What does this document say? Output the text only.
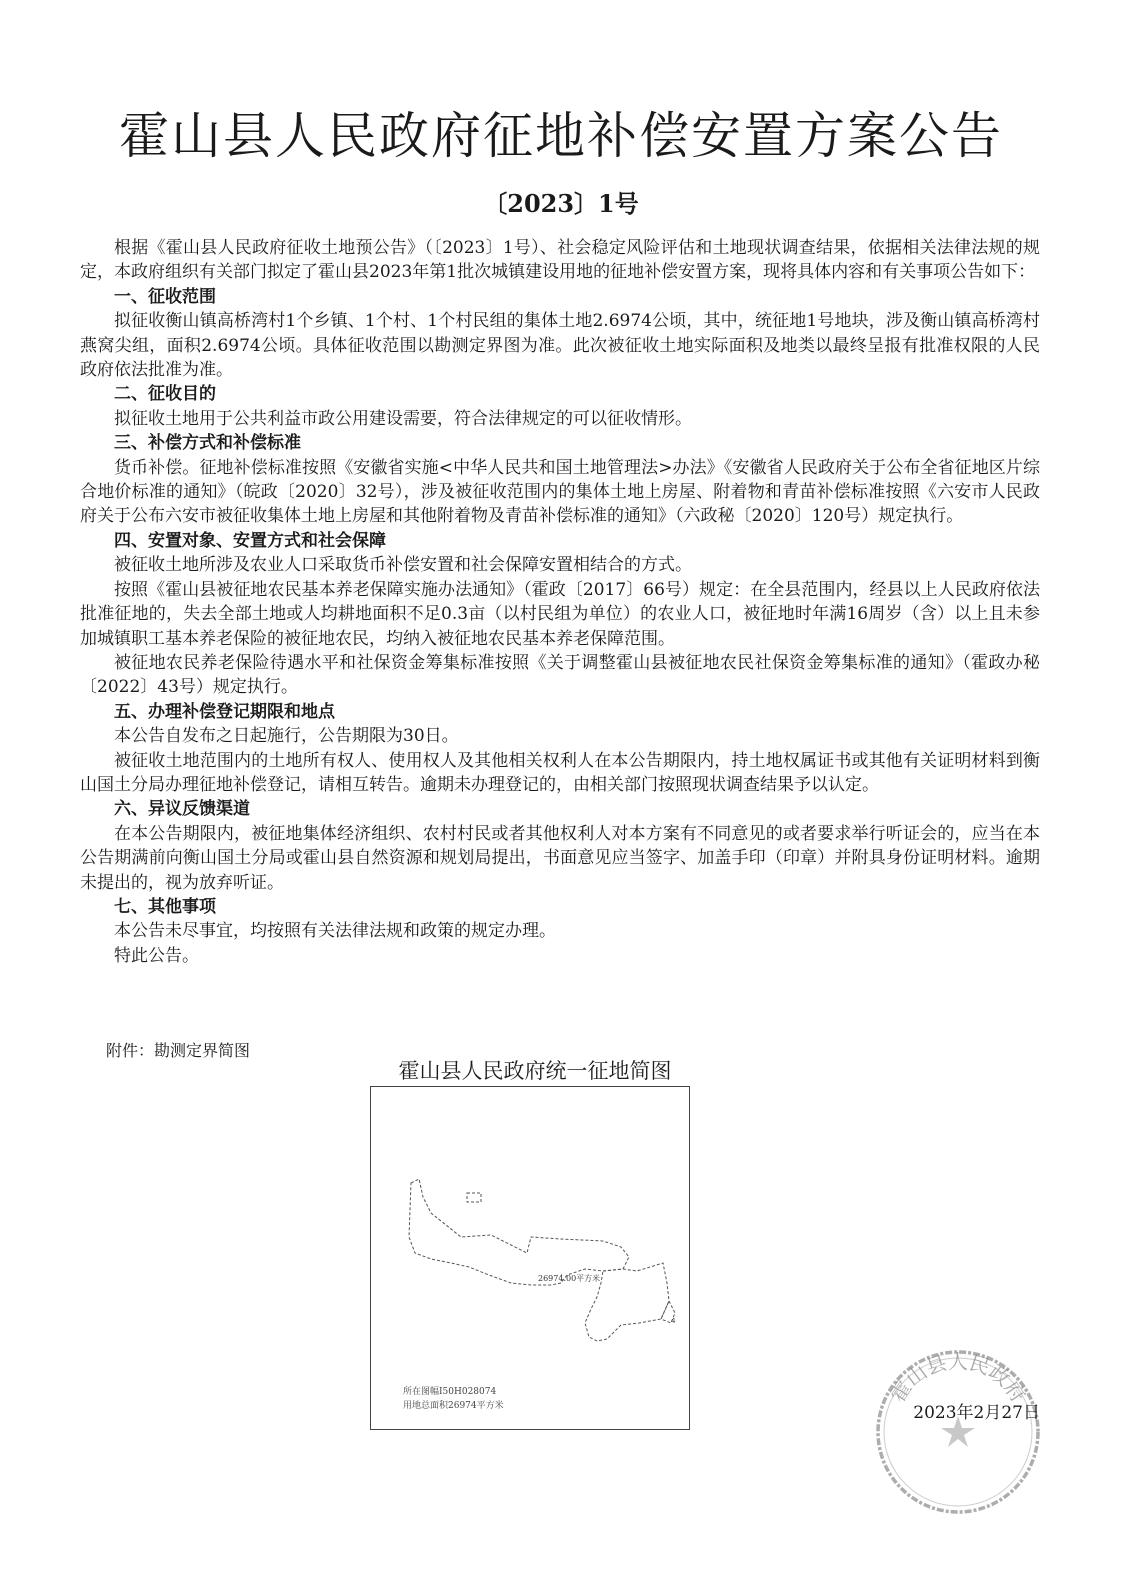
霍山县人民政府征地补偿安置方案公告
〔2023〕1号

根据《霍山县人民政府征收土地预公告》（〔2023〕1号）、社会稳定风险评估和土地现状调查结果，依据相关法律法规的规定，本政府组织有关部门拟定了霍山县2023年第1批次城镇建设用地的征地补偿安置方案，现将具体内容和有关事项公告如下：

一、征收范围

拟征收衡山镇高桥湾村1个乡镇、1个村、1个村民组的集体土地2.6974公顷，其中，统征地1号地块，涉及衡山镇高桥湾村燕窝尖组，面积2.6974公顷。具体征收范围以勘测定界图为准。此次被征收土地实际面积及地类以最终呈报有批准权限的人民政府依法批准为准。

二、征收目的

拟征收土地用于公共利益市政公用建设需要，符合法律规定的可以征收情形。

三、补偿方式和补偿标准

货币补偿。征地补偿标准按照《安徽省实施<中华人民共和国土地管理法>办法》《安徽省人民政府关于公布全省征地区片综合地价标准的通知》（皖政〔2020〕32号），涉及被征收范围内的集体土地上房屋、附着物和青苗补偿标准按照《六安市人民政府关于公布六安市被征收集体土地上房屋和其他附着物及青苗补偿标准的通知》（六政秘〔2020〕120号）规定执行。

四、安置对象、安置方式和社会保障

被征收土地所涉及农业人口采取货币补偿安置和社会保障安置相结合的方式。

按照《霍山县被征地农民基本养老保障实施办法通知》（霍政〔2017〕66号）规定：在全县范围内，经县以上人民政府依法批准征地的，失去全部土地或人均耕地面积不足0.3亩（以村民组为单位）的农业人口，被征地时年满16周岁（含）以上且未参加城镇职工基本养老保险的被征地农民，均纳入被征地农民基本养老保障范围。

被征地农民养老保险待遇水平和社保资金筹集标准按照《关于调整霍山县被征地农民社保资金筹集标准的通知》（霍政办秘〔2022〕43号）规定执行。

五、办理补偿登记期限和地点

本公告自发布之日起施行，公告期限为30日。

被征收土地范围内的土地所有权人、使用权人及其他相关权利人在本公告期限内，持土地权属证书或其他有关证明材料到衡山国土分局办理征地补偿登记，请相互转告。逾期未办理登记的，由相关部门按照现状调查结果予以认定。

六、异议反馈渠道

在本公告期限内，被征地集体经济组织、农村村民或者其他权利人对本方案有不同意见的或者要求举行听证会的，应当在本公告期满前向衡山国土分局或霍山县自然资源和规划局提出，书面意见应当签字、加盖手印（印章）并附具身份证明材料。逾期未提出的，视为放弃听证。

七、其他事项

本公告未尽事宜，均按照有关法律法规和政策的规定办理。

特此公告。

附件：勘测定界简图
霍山县人民政府统一征地简图
4
26974.00平方米
所在图幅I50H028074
用地总面积26974平方米	霍山县人民政府
2023年2月27日
